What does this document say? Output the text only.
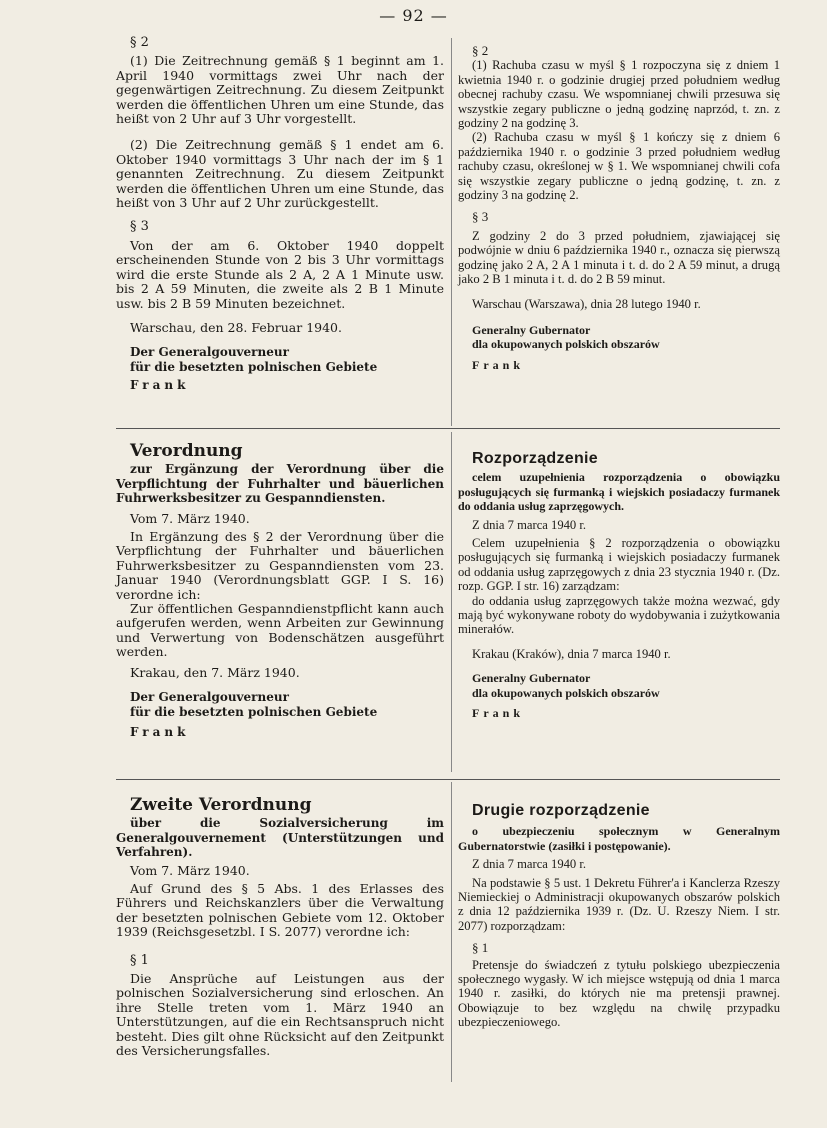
— 92 —

§ 2

(1) Die Zeitrechnung gemäß § 1 beginnt am 1. April 1940 vormittags zwei Uhr nach der gegenwärtigen Zeitrechnung. Zu diesem Zeitpunkt werden die öffentlichen Uhren um eine Stunde, das heißt von 2 Uhr auf 3 Uhr vorgestellt.

(2) Die Zeitrechnung gemäß § 1 endet am 6. Oktober 1940 vormittags 3 Uhr nach der im § 1 genannten Zeitrechnung. Zu diesem Zeitpunkt werden die öffentlichen Uhren um eine Stunde, das heißt von 3 Uhr auf 2 Uhr zurückgestellt.

§ 3

Von der am 6. Oktober 1940 doppelt erscheinenden Stunde von 2 bis 3 Uhr vormittags wird die erste Stunde als 2 A, 2 A 1 Minute usw. bis 2 A 59 Minuten, die zweite als 2 B 1 Minute usw. bis 2 B 59 Minuten bezeichnet.

Warschau, den 28. Februar 1940.

Der Generalgouverneur

für die besetzten polnischen Gebiete

Frank

§ 2

(1) Rachuba czasu w myśl § 1 rozpoczyna się z dniem 1 kwietnia 1940 r. o godzinie drugiej przed południem według obecnej rachuby czasu. We wspomnianej chwili przesuwa się wszystkie zegary publiczne o jedną godzinę naprzód, t. zn. z godziny 2 na godzinę 3.

(2) Rachuba czasu w myśl § 1 kończy się z dniem 6 października 1940 r. o godzinie 3 przed południem według rachuby czasu, określonej w § 1. We wspomnianej chwili cofa się wszystkie zegary publiczne o jedną godzinę, t. zn. z godziny 3 na godzinę 2.

§ 3

Z godziny 2 do 3 przed południem, zjawiającej się podwójnie w dniu 6 października 1940 r., oznacza się pierwszą godzinę jako 2 A, 2 A 1 minuta i t. d. do 2 A 59 minut, a drugą jako 2 B 1 minuta i t. d. do 2 B 59 minut.

Warschau (Warszawa), dnia 28 lutego 1940 r.

Generalny Gubernator

dla okupowanych polskich obszarów

Frank

Verordnung

zur Ergänzung der Verordnung über die Verpflichtung der Fuhrhalter und bäuerlichen Fuhrwerksbesitzer zu Gespanndiensten.

Vom 7. März 1940.

In Ergänzung des § 2 der Verordnung über die Verpflichtung der Fuhrhalter und bäuerlichen Fuhrwerksbesitzer zu Gespanndiensten vom 23. Januar 1940 (Verordnungsblatt GGP. I S. 16) verordne ich:

Zur öffentlichen Gespanndienstpflicht kann auch aufgerufen werden, wenn Arbeiten zur Gewinnung und Verwertung von Bodenschätzen ausgeführt werden.

Krakau, den 7. März 1940.

Der Generalgouverneur

für die besetzten polnischen Gebiete

Frank

Rozporządzenie

celem uzupełnienia rozporządzenia o obowiązku posługujących się furmanką i wiejskich posiadaczy furmanek do oddania usług zaprzęgowych.

Z dnia 7 marca 1940 r.

Celem uzupełnienia § 2 rozporządzenia o obowiązku posługujących się furmanką i wiejskich posiadaczy furmanek od oddania usług zaprzęgowych z dnia 23 stycznia 1940 r. (Dz. rozp. GGP. I str. 16) zarządzam:

do oddania usług zaprzęgowych także można wezwać, gdy mają być wykonywane roboty do wydobywania i zużytkowania minerałów.

Krakau (Kraków), dnia 7 marca 1940 r.

Generalny Gubernator

dla okupowanych polskich obszarów

Frank

Zweite Verordnung

über die Sozialversicherung im Generalgouvernement (Unterstützungen und Verfahren).

Vom 7. März 1940.

Auf Grund des § 5 Abs. 1 des Erlasses des Führers und Reichskanzlers über die Verwaltung der besetzten polnischen Gebiete vom 12. Oktober 1939 (Reichsgesetzbl. I S. 2077) verordne ich:

§ 1

Die Ansprüche auf Leistungen aus der polnischen Sozialversicherung sind erloschen. An ihre Stelle treten vom 1. März 1940 an Unterstützungen, auf die ein Rechtsanspruch nicht besteht. Dies gilt ohne Rücksicht auf den Zeitpunkt des Versicherungsfalles.

Drugie rozporządzenie

o ubezpieczeniu społecznym w Generalnym Gubernatorstwie (zasiłki i postępowanie).

Z dnia 7 marca 1940 r.

Na podstawie § 5 ust. 1 Dekretu Führer'a i Kanclerza Rzeszy Niemieckiej o Administracji okupowanych obszarów polskich z dnia 12 października 1939 r. (Dz. U. Rzeszy Niem. I str. 2077) rozporządzam:

§ 1

Pretensje do świadczeń z tytułu polskiego ubezpieczenia społecznego wygasły. W ich miejsce wstępują od dnia 1 marca 1940 r. zasiłki, do których nie ma pretensji prawnej. Obowiązuje to bez względu na chwilę przypadku ubezpieczeniowego.
